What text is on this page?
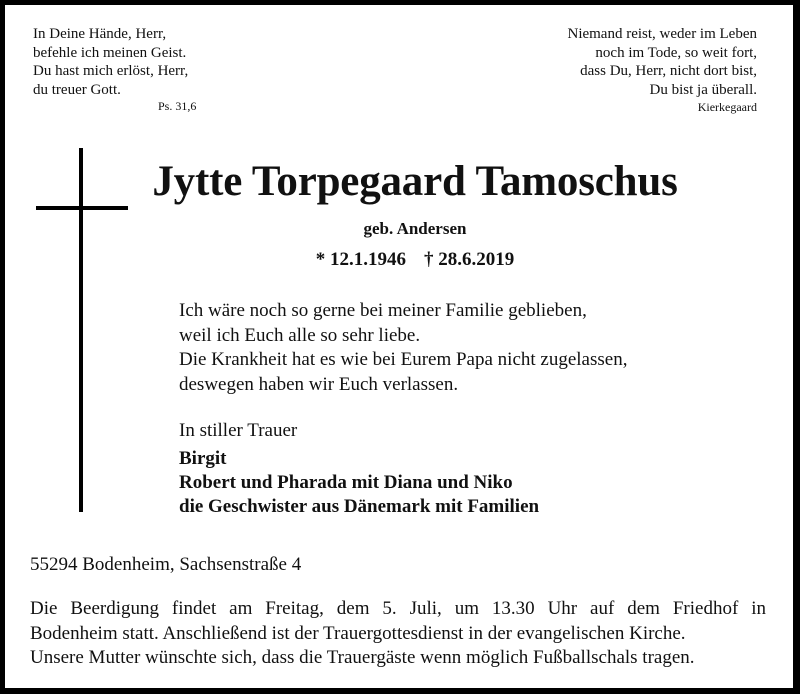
In Deine Hände, Herr,
befehle ich meinen Geist.
Du hast mich erlöst, Herr,
du treuer Gott.
Ps. 31,6
Niemand reist, weder im Leben
noch im Tode, so weit fort,
dass Du, Herr, nicht dort bist,
Du bist ja überall.
Kierkegaard
Jytte Torpegaard Tamoschus
geb. Andersen
* 12.1.1946 † 28.6.2019
Ich wäre noch so gerne bei meiner Familie geblieben,
weil ich Euch alle so sehr liebe.
Die Krankheit hat es wie bei Eurem Papa nicht zugelassen,
deswegen haben wir Euch verlassen.
In stiller Trauer
Birgit
Robert und Pharada mit Diana und Niko
die Geschwister aus Dänemark mit Familien
55294 Bodenheim, Sachsenstraße 4
Die Beerdigung findet am Freitag, dem 5. Juli, um 13.30 Uhr auf dem Friedhof in
Bodenheim statt. Anschließend ist der Trauergottesdienst in der evangelischen Kirche.
Unsere Mutter wünschte sich, dass die Trauergäste wenn möglich Fußballschals tragen.
